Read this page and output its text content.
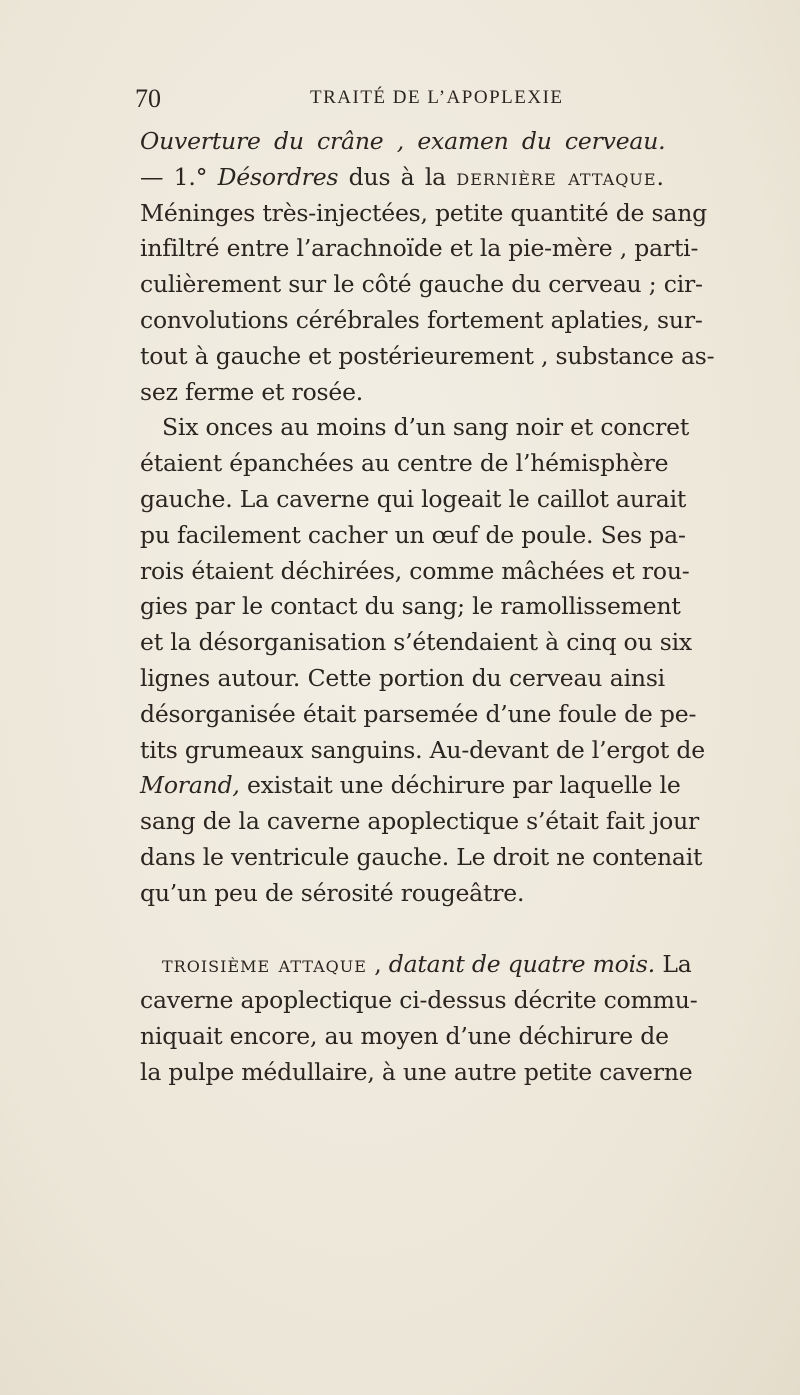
70	TRAITÉ DE L’APOPLEXIE
Ouverture du crâne , examen du cerveau.
— 1.° Désordres dus à la dernière attaque.
Méninges très-injectées, petite quantité de sang
infiltré entre l’arachnoïde et la pie-mère , parti-
culièrement sur le côté gauche du cerveau ; cir-
convolutions cérébrales fortement aplaties, sur-
tout à gauche et postérieurement , substance as-
sez ferme et rosée.
Six onces au moins d’un sang noir et concret
étaient épanchées au centre de l’hémisphère
gauche. La caverne qui logeait le caillot aurait
pu facilement cacher un œuf de poule. Ses pa-
rois étaient déchirées, comme mâchées et rou-
gies par le contact du sang; le ramollissement
et la désorganisation s’étendaient à cinq ou six
lignes autour. Cette portion du cerveau ainsi
désorganisée était parsemée d’une foule de pe-
tits grumeaux sanguins. Au-devant de l’ergot de
Morand, existait une déchirure par laquelle le
sang de la caverne apoplectique s’était fait jour
dans le ventricule gauche. Le droit ne contenait
qu’un peu de sérosité rougeâtre.
troisième attaque , datant de quatre mois. La
caverne apoplectique ci-dessus décrite commu-
niquait encore, au moyen d’une déchirure de
la pulpe médullaire, à une autre petite caverne
